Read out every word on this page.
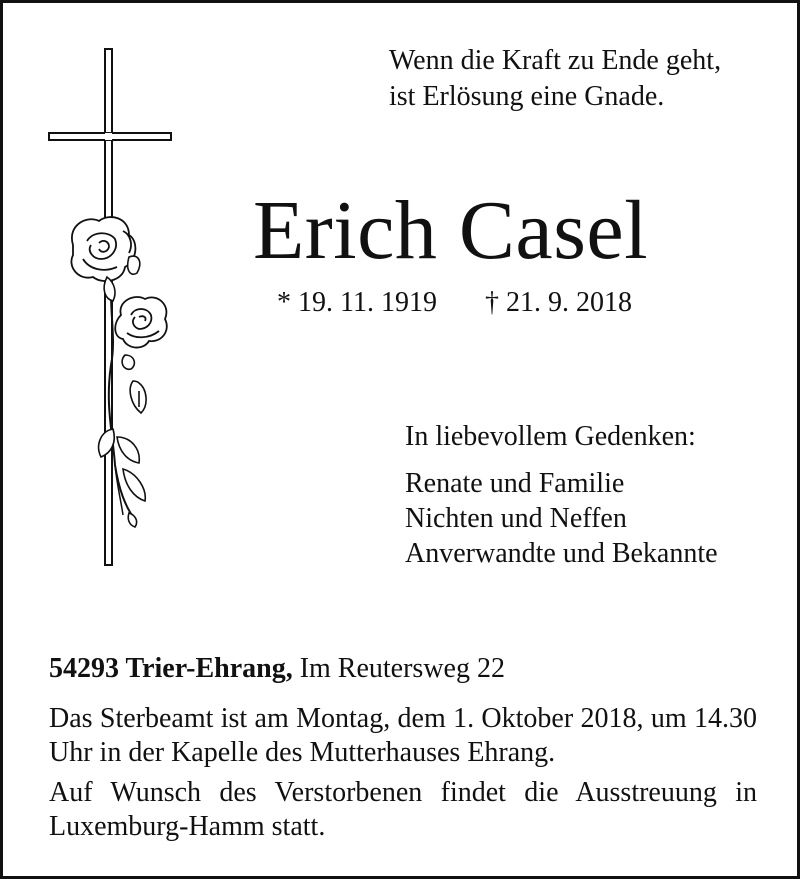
Wenn die Kraft zu Ende geht,
ist Erlösung eine Gnade.
Erich Casel
* 19. 11. 1919 † 21. 9. 2018
In liebevollem Gedenken:
Renate und Familie
Nichten und Neffen
Anverwandte und Bekannte
54293 Trier-Ehrang, Im Reutersweg 22
Das Sterbeamt ist am Montag, dem 1. Oktober 2018, um 14.30 Uhr in der Kapelle des Mutterhauses Ehrang.
Auf Wunsch des Verstorbenen findet die Ausstreuung in Luxemburg-Hamm statt.
